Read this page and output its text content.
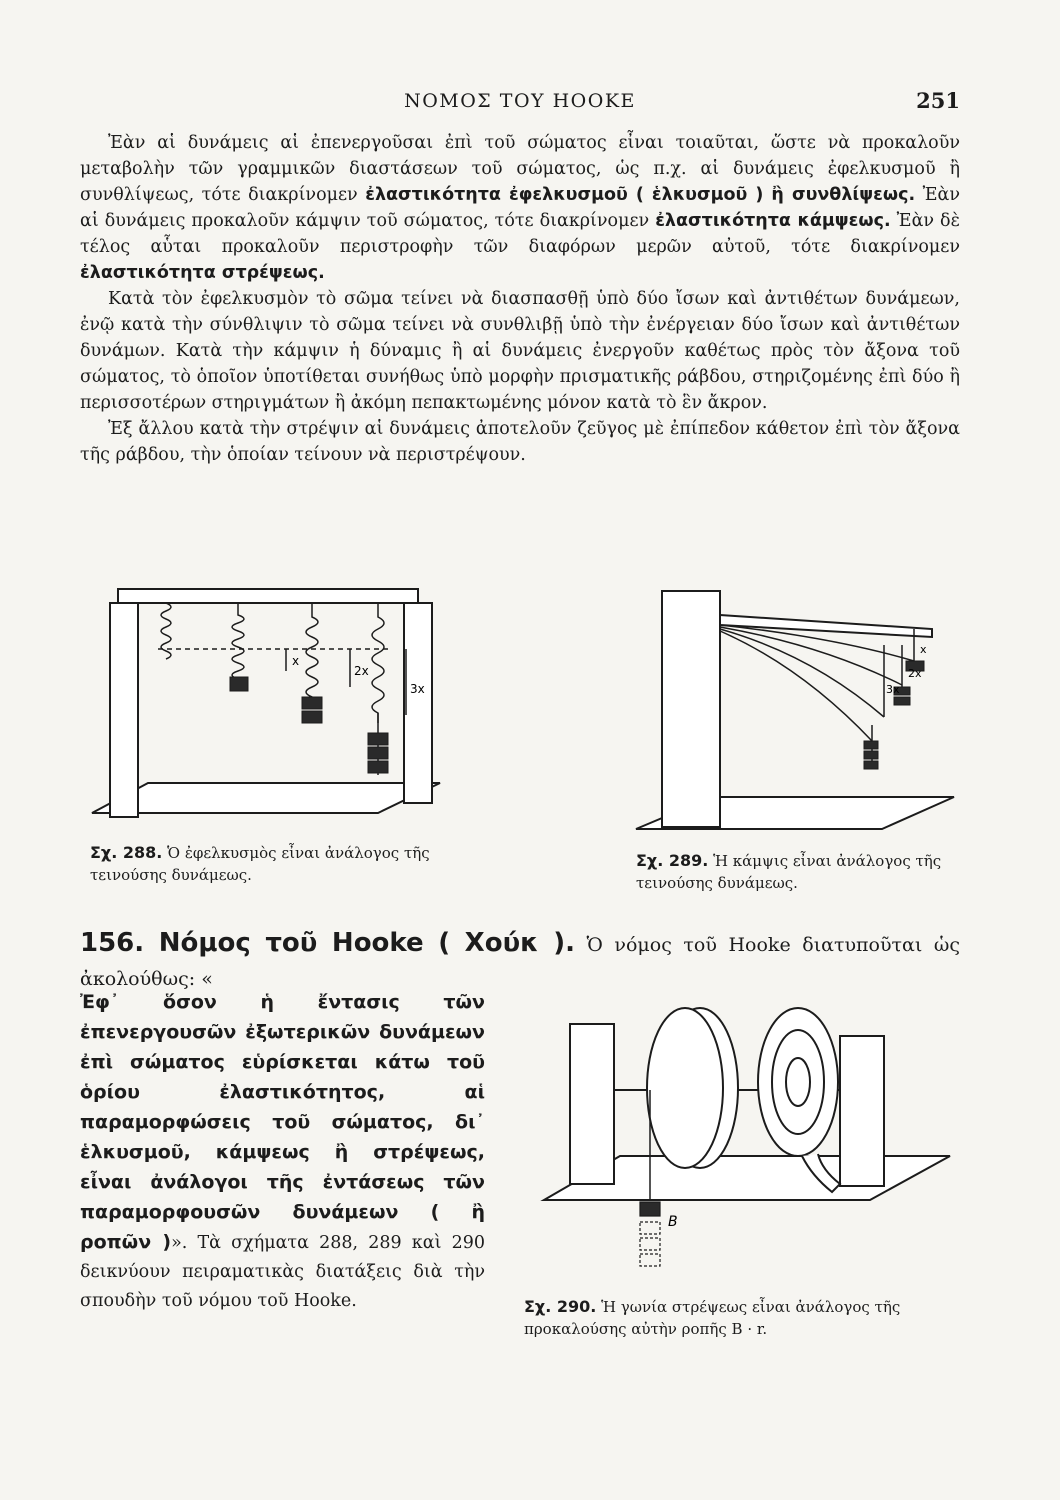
ΝΟΜΟΣ ΤΟΥ HOOKE	251

Ἐὰν αἱ δυνάμεις αἱ ἐπενεργοῦσαι ἐπὶ τοῦ σώματος εἶναι τοιαῦται, ὥστε νὰ προκαλοῦν μεταβολὴν τῶν γραμμικῶν διαστάσεων τοῦ σώματος, ὡς π.χ. αἱ δυνάμεις ἐφελκυσμοῦ ἢ συνθλίψεως, τότε διακρίνομεν ἐλαστικότητα ἐφελκυσμοῦ ( ἑλκυσμοῦ ) ἢ συνθλίψεως. Ἐὰν αἱ δυνάμεις προκαλοῦν κάμψιν τοῦ σώματος, τότε διακρίνομεν ἐλαστικότητα κάμψεως. Ἐὰν δὲ τέλος αὗται προκαλοῦν περιστροφὴν τῶν διαφόρων μερῶν αὐτοῦ, τότε διακρίνομεν ἐλαστικότητα στρέψεως.

Κατὰ τὸν ἐφελκυσμὸν τὸ σῶμα τείνει νὰ διασπασθῇ ὑπὸ δύο ἴσων καὶ ἀντιθέτων δυνάμεων, ἐνῷ κατὰ τὴν σύνθλιψιν τὸ σῶμα τείνει νὰ συνθλιβῇ ὑπὸ τὴν ἐνέργειαν δύο ἴσων καὶ ἀντιθέτων δυνάμων. Κατὰ τὴν κάμψιν ἡ δύναμις ἢ αἱ δυνάμεις ἐνεργοῦν καθέτως πρὸς τὸν ἄξονα τοῦ σώματος, τὸ ὁποῖον ὑποτίθεται συνήθως ὑπὸ μορφὴν πρισματικῆς ράβδου, στηριζομένης ἐπὶ δύο ἢ περισσοτέρων στηριγμάτων ἢ ἀκόμη πεπακτωμένης μόνον κατὰ τὸ ἓν ἄκρον.

Ἐξ ἄλλου κατὰ τὴν στρέψιν αἱ δυνάμεις ἀποτελοῦν ζεῦγος μὲ ἐπίπεδον κάθετον ἐπὶ τὸν ἄξονα τῆς ράβδου, τὴν ὁποίαν τείνουν νὰ περιστρέψουν.

x
2x
3x
Σχ. 288. Ὁ ἐφελκυσμὸς εἶναι ἀνάλογος τῆς τεινούσης δυνάμεως.
x
2x
3x
Σχ. 289. Ἡ κάμψις εἶναι ἀνάλογος τῆς τεινούσης δυνάμεως.
156. Νόμος τοῦ Hooke ( Χούκ ). Ὁ νόμος τοῦ Hooke διατυποῦται ὡς ἀκολούθως: «
Ἐφ᾽ ὅσον ἡ ἔντασις τῶν ἐπενεργουσῶν ἐξωτερικῶν δυνάμεων ἐπὶ σώματος εὑρίσκεται κάτω τοῦ ὁρίου ἐλαστικότητος, αἱ παραμορφώσεις τοῦ σώματος, δι᾽ ἑλκυσμοῦ, κάμψεως ἢ στρέψεως, εἶναι ἀνάλογοι τῆς ἐντάσεως τῶν παραμορφουσῶν δυνάμεων ( ἢ ροπῶν )». Τὰ σχήματα 288, 289 καὶ 290 δεικνύουν πειραματικὰς διατάξεις διὰ τὴν σπουδὴν τοῦ νόμου τοῦ Hooke.
B
Σχ. 290. Ἡ γωνία στρέψεως εἶναι ἀνάλογος τῆς προκαλούσης αὐτὴν ροπῆς Β · r.
